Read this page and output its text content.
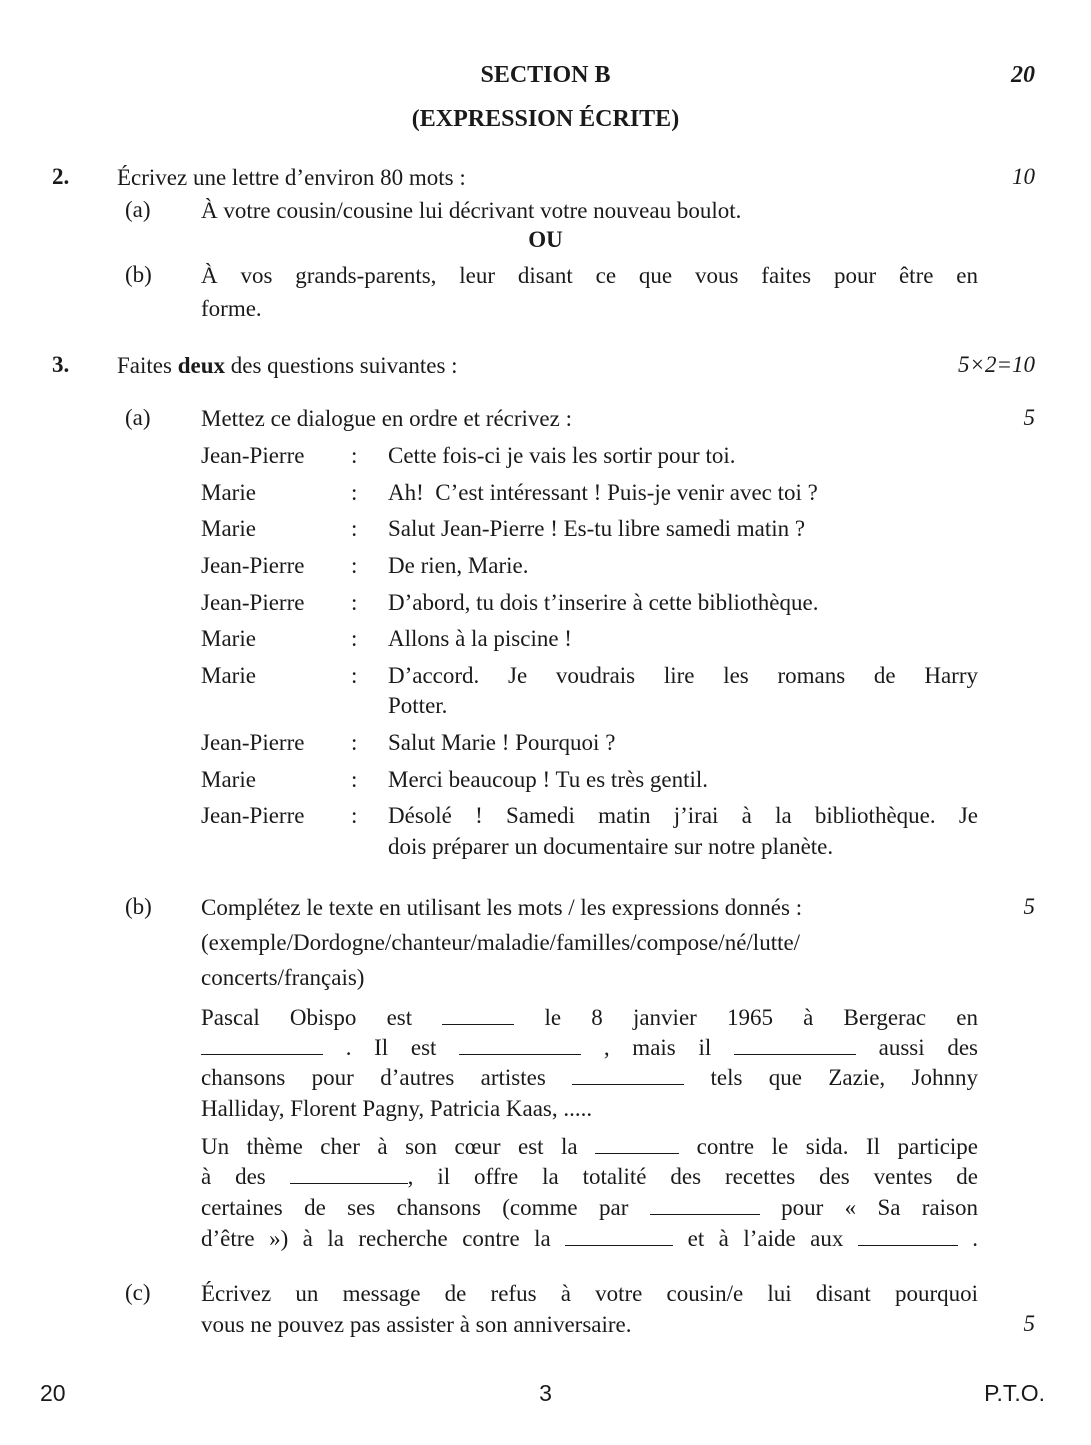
SECTION B	20
(EXPRESSION ÉCRITE)
2. Écrivez une lettre d’environ 80 mots :	10
(a) À votre cousin/cousine lui décrivant votre nouveau boulot.
OU
(b) À vos grands-parents, leur disant ce que vous faites pour être en
forme.
3. Faites deux des questions suivantes :	5×2=10
(a) Mettez ce dialogue en ordre et récrivez :	5
Jean-Pierre : Cette fois-ci je vais les sortir pour toi.
Marie	: Ah!  C’est intéressant ! Puis-je venir avec toi ?
Marie	: Salut Jean-Pierre ! Es-tu libre samedi matin ?
Jean-Pierre : De rien, Marie.
Jean-Pierre : D’abord, tu dois t’inserire à cette bibliothèque.
Marie	: Allons à la piscine !
Marie	: D’accord. Je voudrais lire les romans de Harry
Potter.
Jean-Pierre : Salut Marie ! Pourquoi ?
Marie	: Merci beaucoup ! Tu es très gentil.
Jean-Pierre : Désolé ! Samedi matin j’irai à la bibliothèque. Je
dois préparer un documentaire sur notre planète.
(b) Complétez le texte en utilisant les mots / les expressions donnés :	5
(exemple/Dordogne/chanteur/maladie/familles/compose/né/lutte/
concerts/français)
Pascal Obispo est	le 8 janvier 1965 à Bergerac en
. Il est	, mais il	aussi des
chansons pour d’autres artistes	tels que Zazie, Johnny
Halliday, Florent Pagny, Patricia Kaas, .....
Un thème cher à son cœur est la	contre le sida. Il participe
à des	, il offre la totalité des recettes des ventes de
certaines de ses chansons (comme par	pour « Sa raison
d’être ») à la recherche contre la	et à l’aide aux	.
(c) Écrivez un message de refus à votre cousin/e lui disant pourquoi
vous ne pouvez pas assister à son anniversaire.	5
20	3	P.T.O.
